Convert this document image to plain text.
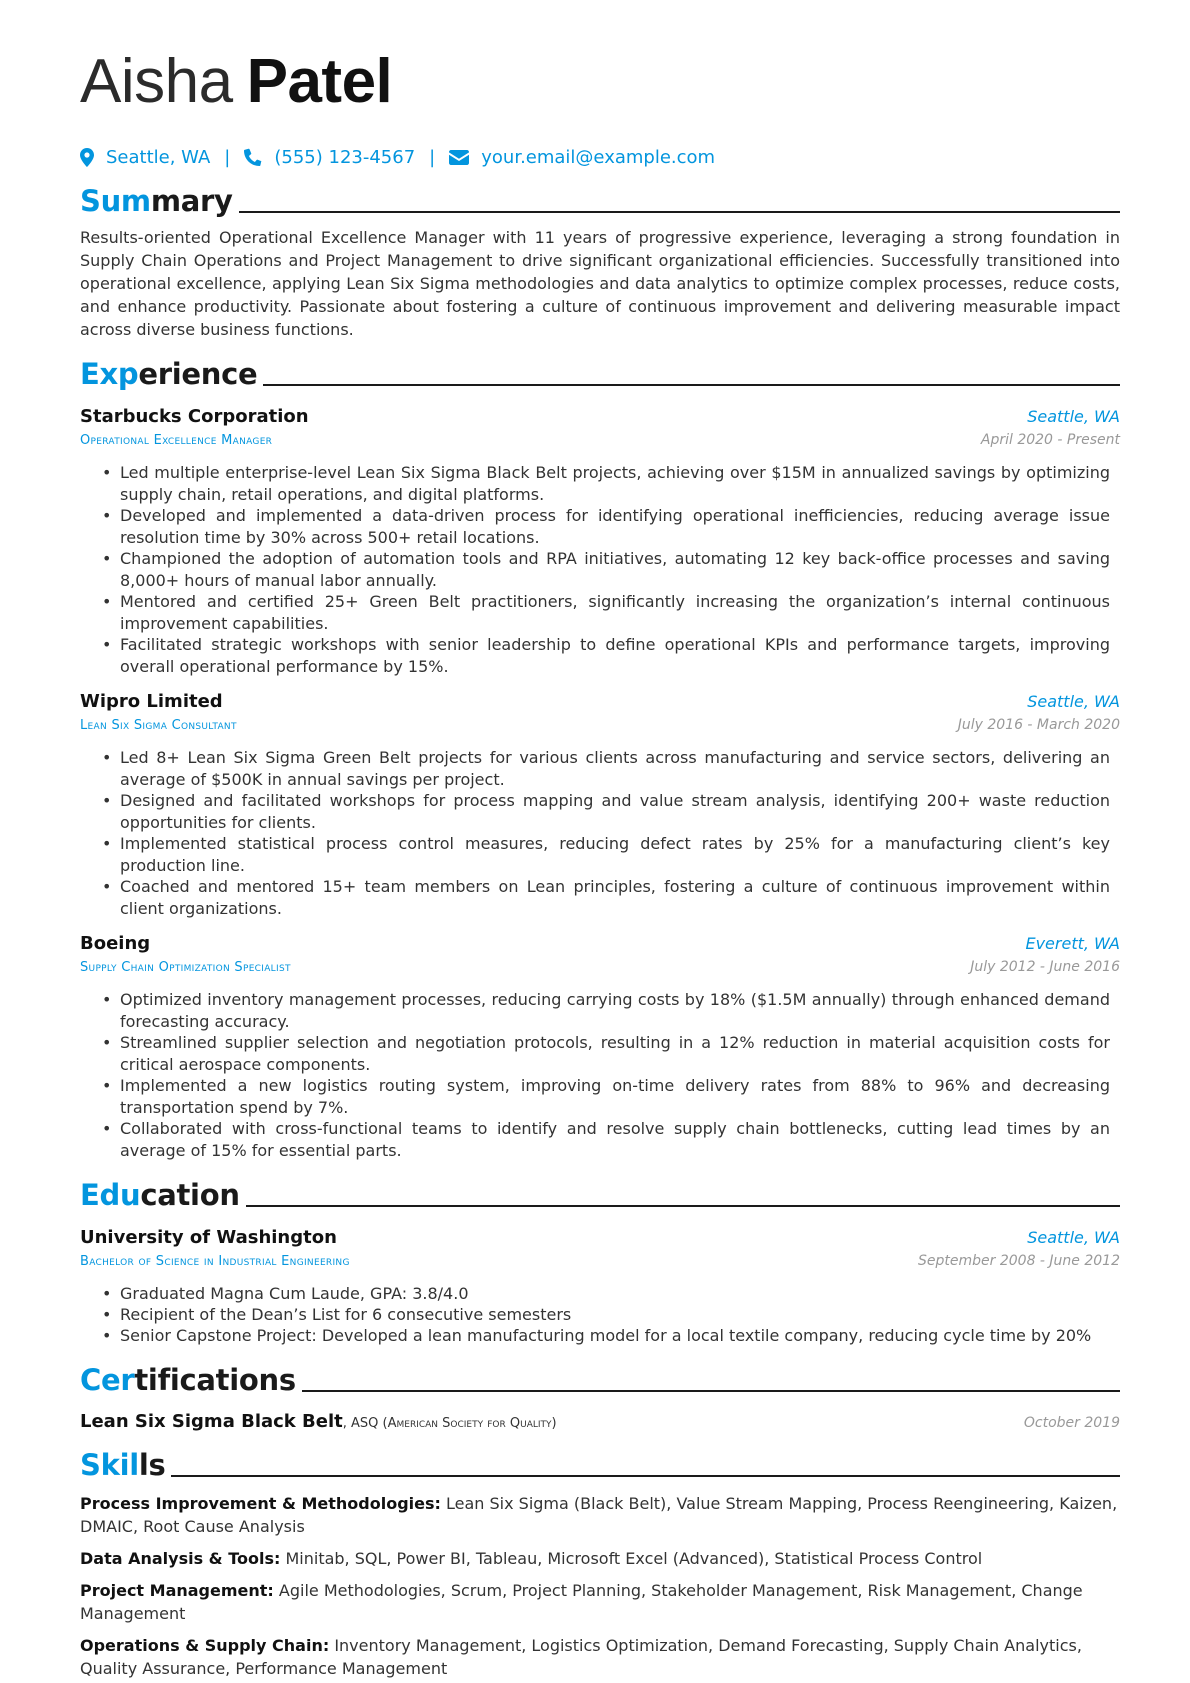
Aisha Patel
Seattle, WA | (555) 123-4567 |	your.email@example.com
Summary

Results-oriented Operational Excellence Manager with 11 years of progressive experience, leveraging a strong foundation in Supply Chain Operations and Project Management to drive significant organizational efficiencies. Successfully transitioned into operational excellence, applying Lean Six Sigma methodologies and data analytics to optimize complex processes, reduce costs, and enhance productivity. Passionate about fostering a culture of continuous improvement and delivering measurable impact across diverse business functions.

Experience
Starbucks Corporation	Seattle, WA
Operational Excellence Manager	April 2020 - Present
• Led multiple enterprise-level Lean Six Sigma Black Belt projects, achieving over $15M in annualized savings by optimizing supply chain, retail operations, and digital platforms.
• Developed and implemented a data-driven process for identifying operational inefficiencies, reducing average issue resolution time by 30% across 500+ retail locations.
• Championed the adoption of automation tools and RPA initiatives, automating 12 key back-office processes and saving 8,000+ hours of manual labor annually.
• Mentored and certified 25+ Green Belt practitioners, significantly increasing the organization’s internal continuous improvement capabilities.
• Facilitated strategic workshops with senior leadership to define operational KPIs and performance targets, improving overall operational performance by 15%.
Wipro Limited	Seattle, WA
Lean Six Sigma Consultant	July 2016 - March 2020
• Led 8+ Lean Six Sigma Green Belt projects for various clients across manufacturing and service sectors, delivering an average of $500K in annual savings per project.
• Designed and facilitated workshops for process mapping and value stream analysis, identifying 200+ waste reduction opportunities for clients.
• Implemented statistical process control measures, reducing defect rates by 25% for a manufacturing client’s key production line.
• Coached and mentored 15+ team members on Lean principles, fostering a culture of continuous improvement within client organizations.
Boeing	Everett, WA
Supply Chain Optimization Specialist	July 2012 - June 2016
• Optimized inventory management processes, reducing carrying costs by 18% ($1.5M annually) through enhanced demand forecasting accuracy.
• Streamlined supplier selection and negotiation protocols, resulting in a 12% reduction in material acquisition costs for critical aerospace components.
• Implemented a new logistics routing system, improving on-time delivery rates from 88% to 96% and decreasing transportation spend by 7%.
• Collaborated with cross-functional teams to identify and resolve supply chain bottlenecks, cutting lead times by an average of 15% for essential parts.
Education
University of Washington	Seattle, WA
Bachelor of Science in Industrial Engineering	September 2008 - June 2012
• Graduated Magna Cum Laude, GPA: 3.8/4.0
• Recipient of the Dean’s List for 6 consecutive semesters
• Senior Capstone Project: Developed a lean manufacturing model for a local textile company, reducing cycle time by 20%
Certifications
Lean Six Sigma Black Belt, ASQ (American Society for Quality)	October 2019
Skills

Process Improvement & Methodologies: Lean Six Sigma (Black Belt), Value Stream Mapping, Process Reengineering, Kaizen, DMAIC, Root Cause Analysis

Data Analysis & Tools: Minitab, SQL, Power BI, Tableau, Microsoft Excel (Advanced), Statistical Process Control

Project Management: Agile Methodologies, Scrum, Project Planning, Stakeholder Management, Risk Management, Change Management

Operations & Supply Chain: Inventory Management, Logistics Optimization, Demand Forecasting, Supply Chain Analytics, Quality Assurance, Performance Management
